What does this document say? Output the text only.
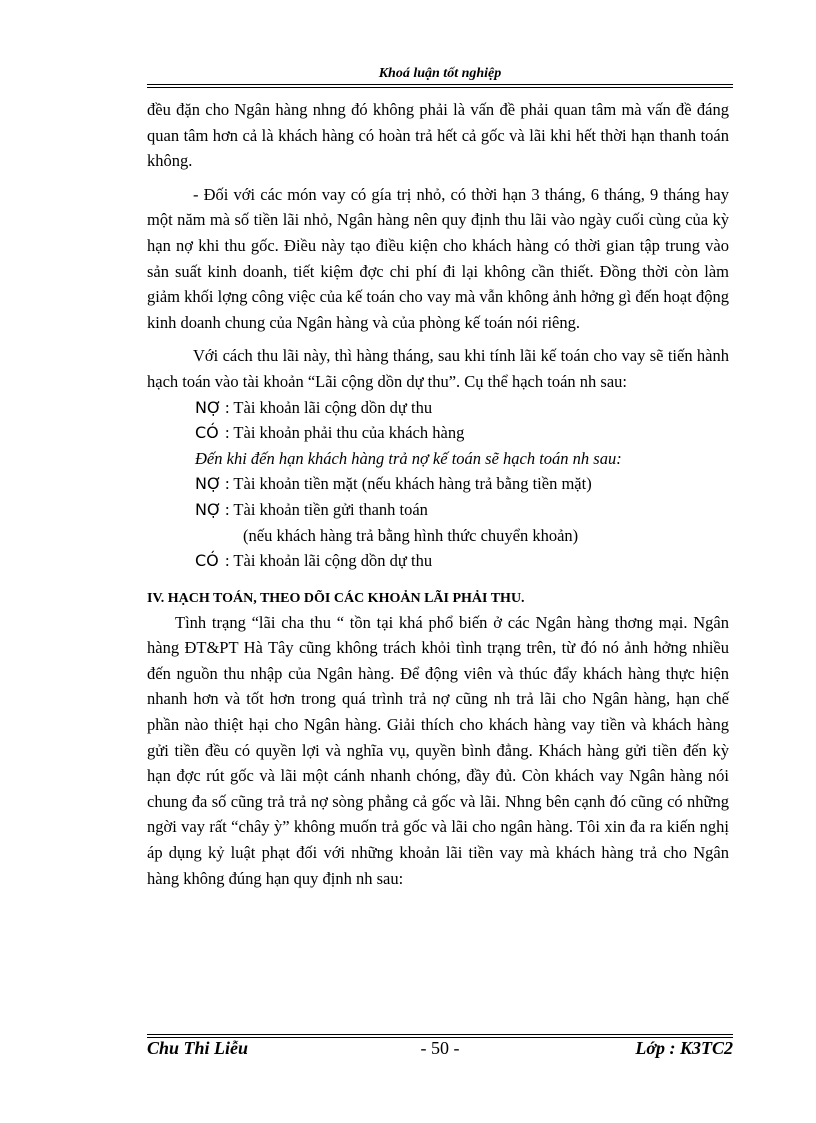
Khoá luận tốt nghiệp

đều đặn cho Ngân hàng nhng đó không phải là vấn đề phải quan tâm mà vấn đề đáng quan tâm hơn cả là khách hàng có hoàn trả hết cả gốc và lãi khi hết thời hạn thanh toán không.

- Đối với các món vay có gía trị nhỏ, có thời hạn 3 tháng, 6 tháng, 9 tháng hay một năm mà số tiền lãi nhỏ, Ngân hàng nên quy định thu lãi vào ngày cuối cùng của kỳ hạn nợ khi thu gốc. Điều này tạo điều kiện cho khách hàng có thời gian tập trung vào sản suất kinh doanh, tiết kiệm đợc chi phí đi lại không cần thiết. Đồng thời còn làm giảm khối lợng công việc của kế toán cho vay mà vẫn không ảnh hởng gì đến hoạt động kinh doanh chung của Ngân hàng và của phòng kế toán nói riêng.

Với cách thu lãi này, thì hàng tháng, sau khi tính lãi kế toán cho vay sẽ tiến hành hạch toán vào tài khoản “Lãi cộng dồn dự thu”. Cụ thể hạch toán nh sau:

NỢ : Tài khoản lãi cộng dồn dự thu
CÓ : Tài khoản phải thu của khách hàng
Đến khi đến hạn khách hàng trả nợ kế toán sẽ hạch toán nh sau:
NỢ : Tài khoản tiền mặt (nếu khách hàng trả bằng tiền mặt)
NỢ : Tài khoản tiền gửi thanh toán
(nếu khách hàng trả bằng hình thức chuyển khoản)
CÓ : Tài khoản lãi cộng dồn dự thu

IV. HẠCH TOÁN, THEO DÕI CÁC KHOẢN LÃI PHẢI THU.

Tình trạng “lãi cha thu “ tồn tại khá phổ biến ở các Ngân hàng thơng mại. Ngân hàng ĐT&PT Hà Tây cũng không trách khỏi tình trạng trên, từ đó nó ảnh hởng nhiều đến nguồn thu nhập của Ngân hàng. Để động viên và thúc đẩy khách hàng thực hiện nhanh hơn và tốt hơn trong quá trình trả nợ cũng nh trả lãi cho Ngân hàng, hạn chế phần nào thiệt hại cho Ngân hàng. Giải thích cho khách hàng vay tiền và khách hàng gửi tiền đều có quyền lợi và nghĩa vụ, quyền bình đẳng. Khách hàng gửi tiền đến kỳ hạn đợc rút gốc và lãi một cánh nhanh chóng, đầy đủ. Còn khách vay Ngân hàng nói chung đa số cũng trả trả nợ sòng phẳng cả gốc và lãi. Nhng bên cạnh đó cũng có những ngời vay rất “chây ỳ” không muốn trả gốc và lãi cho ngân hàng. Tôi xin đa ra kiến nghị áp dụng kỷ luật phạt đối với những khoản lãi tiền vay mà khách hàng trả cho Ngân hàng không đúng hạn quy định nh sau:

Chu Thi Liễu	- 50 -	Lớp : K3TC2
